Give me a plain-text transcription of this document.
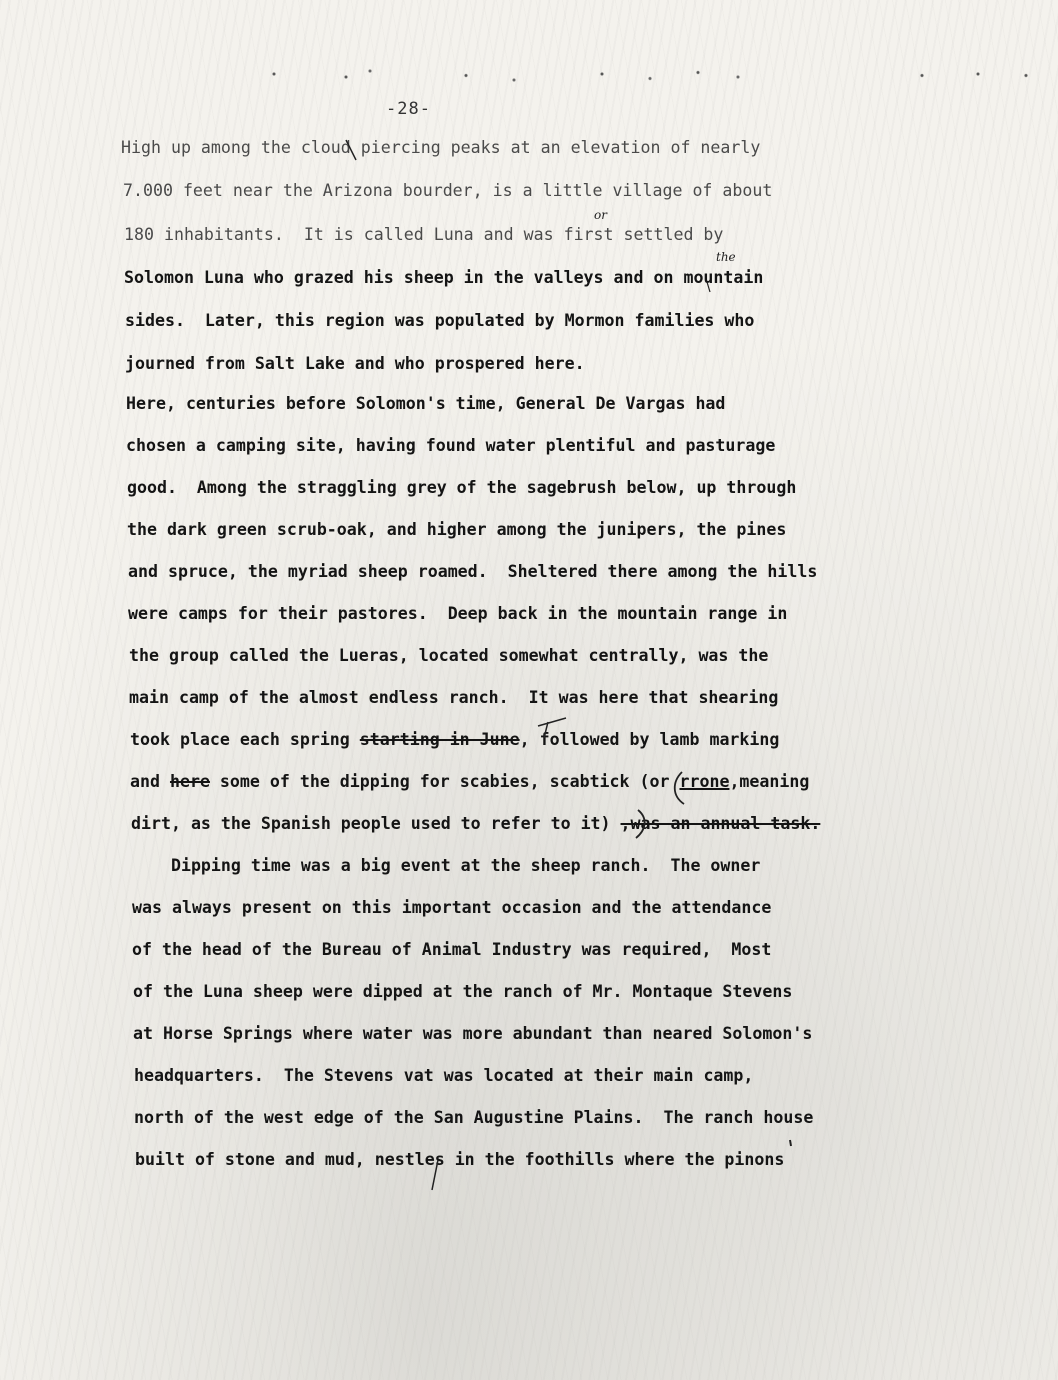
-28-
High up among the cloud piercing peaks at an elevation of nearly
7.000 feet near the Arizona bourder, is a little village of about
180 inhabitants.  It is called Luna and was first settled by
Solomon Luna who grazed his sheep in the valleys and on mountain
sides.  Later, this region was populated by Mormon families who
journed from Salt Lake and who prospered here.
Here, centuries before Solomon's time, General De Vargas had
chosen a camping site, having found water plentiful and pasturage
good.  Among the straggling grey of the sagebrush below, up through
the dark green scrub-oak, and higher among the junipers, the pines
and spruce, the myriad sheep roamed.  Sheltered there among the hills
were camps for their pastores.  Deep back in the mountain range in
the group called the Lueras, located somewhat centrally, was the
main camp of the almost endless ranch.  It was here that shearing
took place each spring starting in June, followed by lamb marking
and here some of the dipping for scabies, scabtick (or rrone,meaning
dirt, as the Spanish people used to refer to it) ,was an annual task.
Dipping time was a big event at the sheep ranch.  The owner
was always present on this important occasion and the attendance
of the head of the Bureau of Animal Industry was required,  Most
of the Luna sheep were dipped at the ranch of Mr. Montaque Stevens
at Horse Springs where water was more abundant than neared Solomon's
headquarters.  The Stevens vat was located at their main camp,
north of the west edge of the San Augustine Plains.  The ranch house
built of stone and mud, nestles in the foothills where the pinons
or
the
